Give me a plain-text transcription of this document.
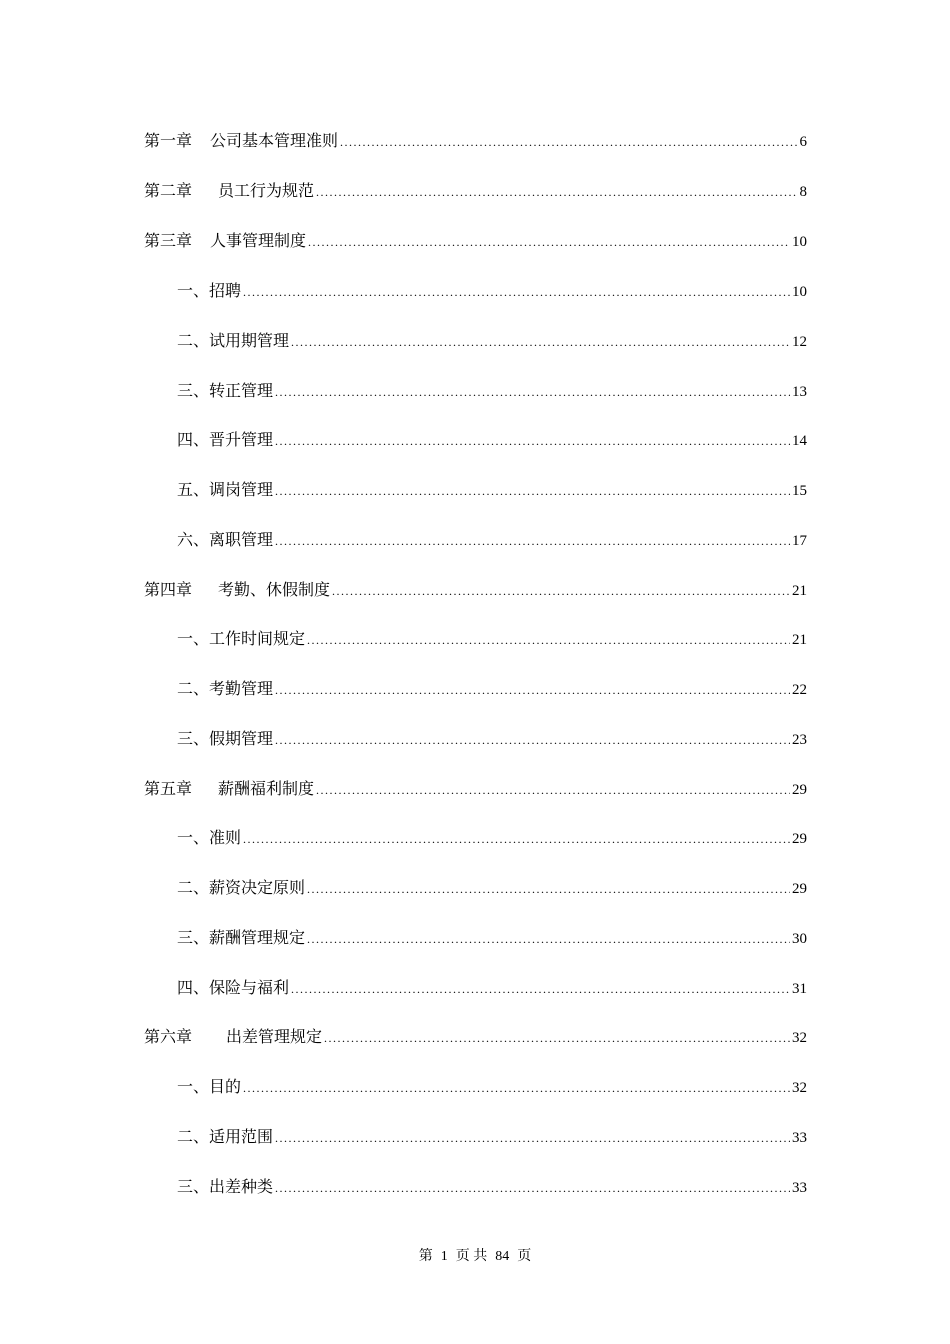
第一章 公司基本管理准则 .....	6
第二章 员工行为规范 .....	8
第三章 人事管理制度 .....	10
一、招聘 .....	10
二、试用期管理 .....	12
三、转正管理 .....	13
四、晋升管理 .....	14
五、调岗管理 .....	15
六、离职管理 .....	17
第四章 考勤、休假制度 .....	21
一、工作时间规定 .....	21
二、考勤管理 .....	22
三、假期管理 .....	23
第五章 薪酬福利制度 .....	29
一、准则 .....	29
二、薪资决定原则 .....	29
三、薪酬管理规定 .....	30
四、保险与福利 .....	31
第六章 出差管理规定 .....	32
一、目的 .....	32
二、适用范围 .....	33
三、出差种类 .....	33
第 1 页 共 84 页
